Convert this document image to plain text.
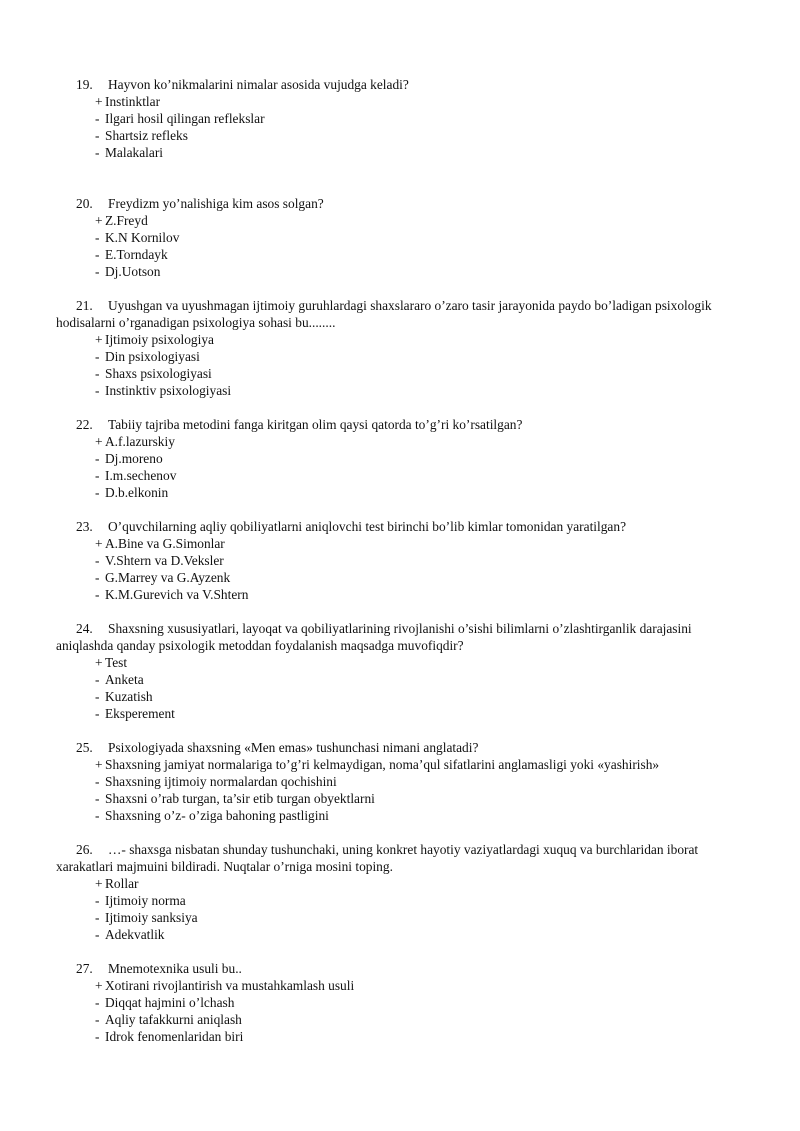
19. Hayvon ko’nikmalarini nimalar asosida vujudga keladi?

+ Instinktlar
- Ilgari hosil qilingan reflekslar
- Shartsiz refleks
- Malakalari

20. Freydizm yo’nalishiga kim asos solgan?

+ Z.Freyd
- K.N Kornilov
- E.Torndayk
- Dj.Uotson

21. Uyushgan va uyushmagan ijtimoiy guruhlardagi shaxslararo o’zaro tasir jarayonida paydo bo’ladigan psixologik hodisalarni o’rganadigan psixologiya sohasi bu........

+ Ijtimoiy psixologiya
- Din psixologiyasi
- Shaxs psixologiyasi
- Instinktiv psixologiyasi

22. Tabiiy tajriba metodini fanga kiritgan olim qaysi qatorda to’g’ri ko’rsatilgan?

+ A.f.lazurskiy
- Dj.moreno
- I.m.sechenov
- D.b.elkonin

23. O’quvchilarning aqliy qobiliyatlarni aniqlovchi test birinchi bo’lib kimlar tomonidan yaratilgan?

+ A.Bine va G.Simonlar
- V.Shtern va D.Veksler
- G.Marrey va G.Ayzenk
- K.M.Gurevich va V.Shtern

24. Shaxsning xususiyatlari, layoqat va qobiliyatlarining rivojlanishi o’sishi bilimlarni o’zlashtirganlik darajasini aniqlashda qanday psixologik metoddan foydalanish maqsadga muvofiqdir?

+ Test
- Anketa
- Kuzatish
- Eksperement

25. Psixologiyada shaxsning «Men emas» tushunchasi nimani anglatadi?

+ Shaxsning jamiyat normalariga to’g’ri kelmaydigan, noma’qul sifatlarini anglamasligi yoki «yashirish»
- Shaxsning ijtimoiy normalardan qochishini
- Shaxsni o’rab turgan, ta’sir etib turgan obyektlarni
- Shaxsning o’z- o’ziga bahoning pastligini

26. …- shaxsga nisbatan shunday tushunchaki, uning konkret hayotiy vaziyatlardagi xuquq va burchlaridan iborat xarakatlari majmuini bildiradi. Nuqtalar o’rniga mosini toping.

+ Rollar
- Ijtimoiy norma
- Ijtimoiy sanksiya
- Adekvatlik

27. Mnemotexnika usuli bu..

+ Xotirani rivojlantirish va mustahkamlash usuli
- Diqqat hajmini o’lchash
- Aqliy tafakkurni aniqlash
- Idrok fenomenlaridan biri
